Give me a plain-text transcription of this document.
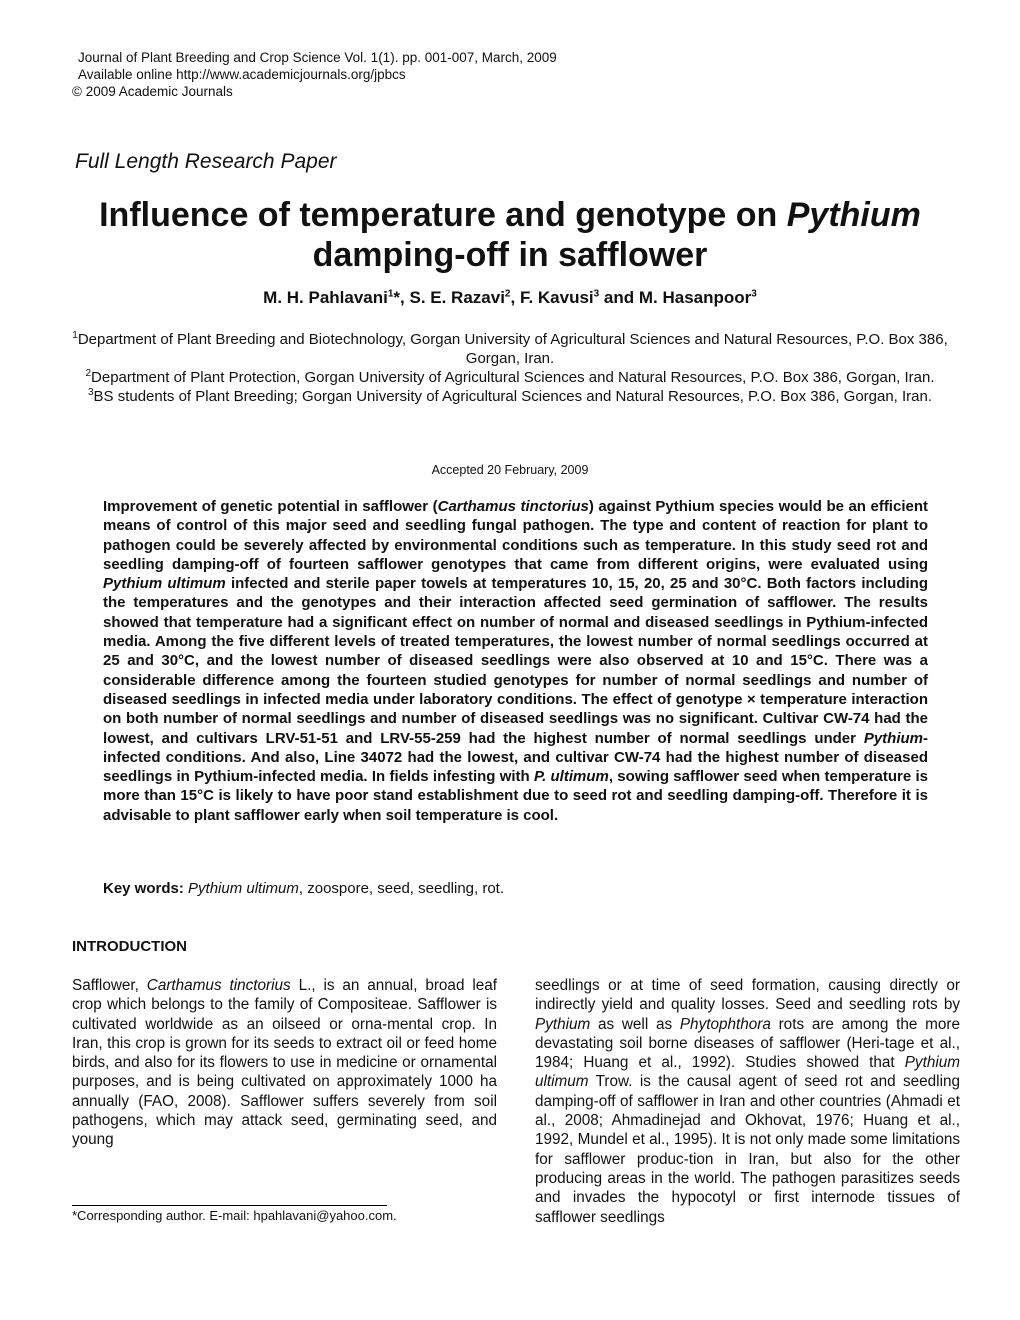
Journal of Plant Breeding and Crop Science Vol. 1(1). pp. 001-007, March, 2009
Available online http://www.academicjournals.org/jpbcs
© 2009 Academic Journals
Full Length Research Paper
Influence of temperature and genotype on Pythium
damping-off in safflower
M. H. Pahlavani$^1$*, S. E. Razavi$^2$, F. Kavusi$^3$ and M. Hasanpoor$^3$
$^1$Department of Plant Breeding and Biotechnology, Gorgan University of Agricultural Sciences and Natural Resources, P.O. Box 386, Gorgan, Iran.
$^2$Department of Plant Protection, Gorgan University of Agricultural Sciences and Natural Resources, P.O. Box 386, Gorgan, Iran.
$^3$BS students of Plant Breeding; Gorgan University of Agricultural Sciences and Natural Resources, P.O. Box 386, Gorgan, Iran.
Accepted 20 February, 2009
Improvement of genetic potential in safflower (Carthamus tinctorius) against Pythium species would be an efficient means of control of this major seed and seedling fungal pathogen. The type and content of reaction for plant to pathogen could be severely affected by environmental conditions such as temperature. In this study seed rot and seedling damping-off of fourteen safflower genotypes that came from different origins, were evaluated using Pythium ultimum infected and sterile paper towels at temperatures 10, 15, 20, 25 and 30°C. Both factors including the temperatures and the genotypes and their interaction affected seed germination of safflower. The results showed that temperature had a significant effect on number of normal and diseased seedlings in Pythium-infected media. Among the five different levels of treated temperatures, the lowest number of normal seedlings occurred at 25 and 30°C, and the lowest number of diseased seedlings were also observed at 10 and 15°C. There was a considerable difference among the fourteen studied genotypes for number of normal seedlings and number of diseased seedlings in infected media under laboratory conditions. The effect of genotype × temperature interaction on both number of normal seedlings and number of diseased seedlings was no significant. Cultivar CW-74 had the lowest, and cultivars LRV-51-51 and LRV-55-259 had the highest number of normal seedlings under Pythium-infected conditions. And also, Line 34072 had the lowest, and cultivar CW-74 had the highest number of diseased seedlings in Pythium-infected media. In fields infesting with P. ultimum, sowing safflower seed when temperature is more than 15°C is likely to have poor stand establishment due to seed rot and seedling damping-off. Therefore it is advisable to plant safflower early when soil temperature is cool.
Key words: Pythium ultimum, zoospore, seed, seedling, rot.
INTRODUCTION
Safflower, Carthamus tinctorius L., is an annual, broad leaf crop which belongs to the family of Compositeae. Safflower is cultivated worldwide as an oilseed or orna-mental crop. In Iran, this crop is grown for its seeds to extract oil or feed home birds, and also for its flowers to use in medicine or ornamental purposes, and is being cultivated on approximately 1000 ha annually (FAO, 2008). Safflower suffers severely from soil pathogens, which may attack seed, germinating seed, and young
seedlings or at time of seed formation, causing directly or indirectly yield and quality losses. Seed and seedling rots by Pythium as well as Phytophthora rots are among the more devastating soil borne diseases of safflower (Heri-tage et al., 1984; Huang et al., 1992). Studies showed that Pythium ultimum Trow. is the causal agent of seed rot and seedling damping-off of safflower in Iran and other countries (Ahmadi et al., 2008; Ahmadinejad and Okhovat, 1976; Huang et al., 1992, Mundel et al., 1995). It is not only made some limitations for safflower produc-tion in Iran, but also for the other producing areas in the world. The pathogen parasitizes seeds and invades the hypocotyl or first internode tissues of safflower seedlings
*Corresponding author. E-mail: hpahlavani@yahoo.com.
